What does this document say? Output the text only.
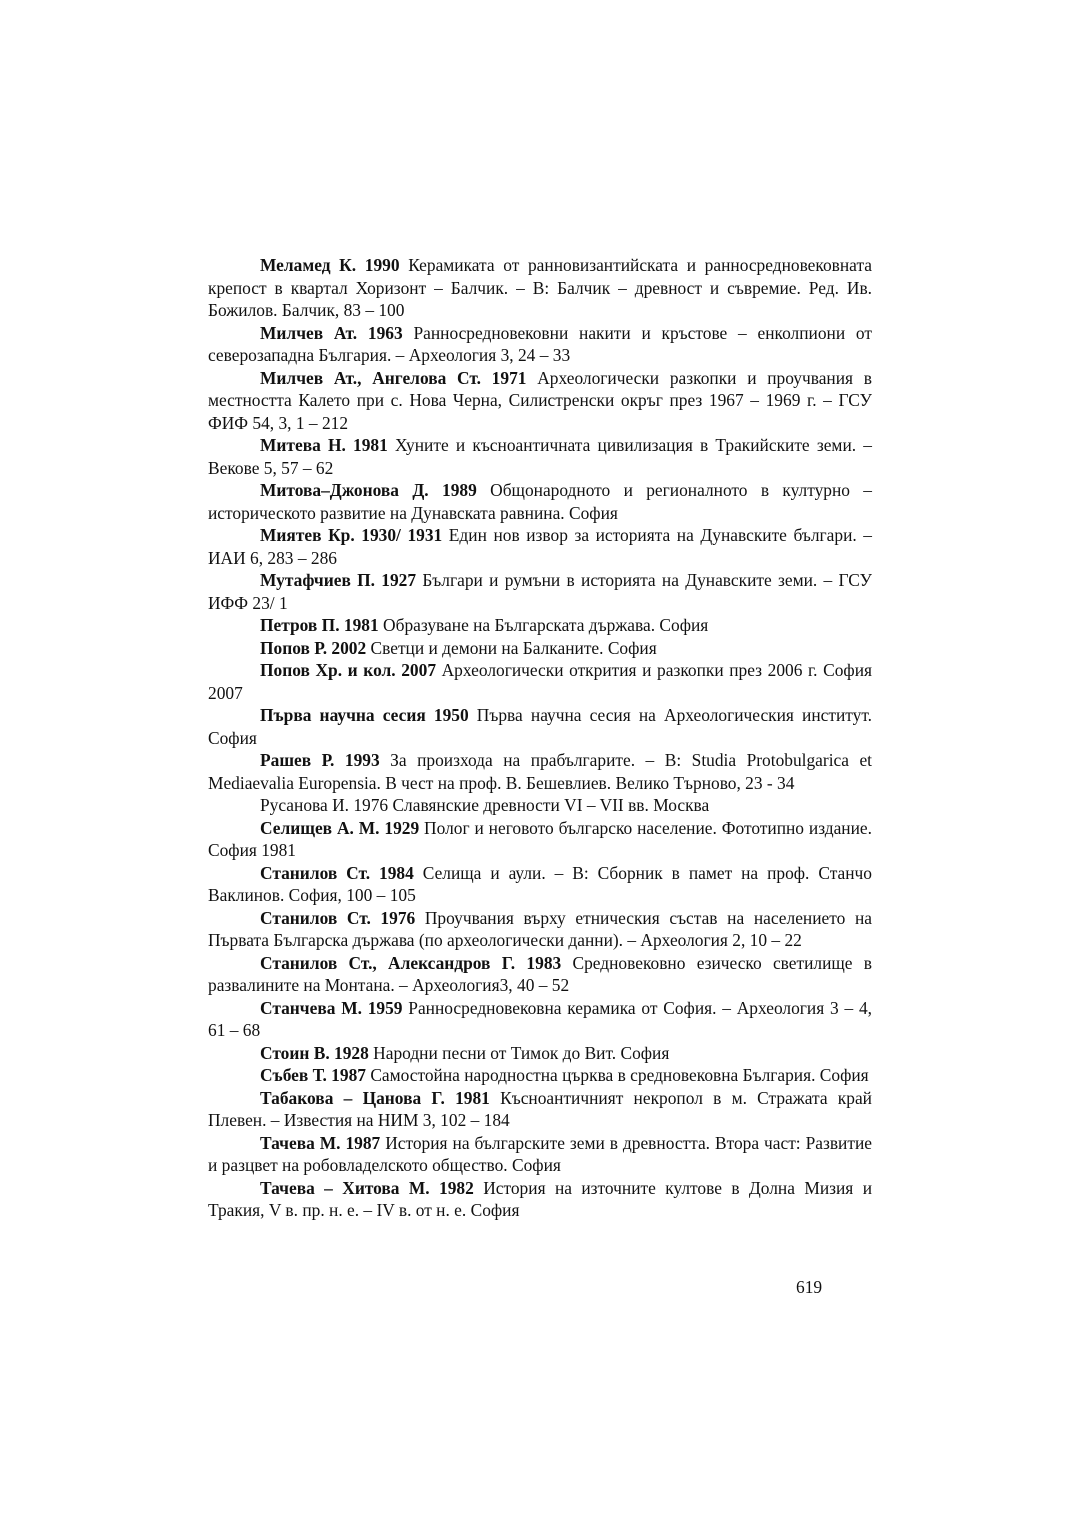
Меламед К. 1990 Керамиката от ранновизантийската и ранносредновековната крепост в квартал Хоризонт – Балчик. – В: Балчик – древност и съвремие. Ред. Ив. Божилов. Балчик, 83 – 100

Милчев Ат. 1963 Ранносредновековни накити и кръстове – енколпиони от северозападна България. – Археология 3, 24 – 33

Милчев Ат., Ангелова Ст. 1971 Археологически разкопки и проучвания в местността Калето при с. Нова Черна, Силистренски окръг през 1967 – 1969 г. – ГСУ ФИФ 54, 3, 1 – 212

Митева Н. 1981 Хуните и късноантичната цивилизация в Тракийските земи. – Векове 5, 57 – 62

Митова–Джонова Д. 1989 Общонародното и регионалното в културно – историческото развитие на Дунавската равнина. София

Миятев Кр. 1930/ 1931 Един нов извор за историята на Дунавските българи. – ИАИ 6, 283 – 286

Мутафчиев П. 1927 Българи и румъни в историята на Дунавските земи. – ГСУ ИФФ 23/ 1

Петров П. 1981 Образуване на Българската държава. София

Попов Р. 2002 Светци и демони на Балканите. София

Попов Хр. и кол. 2007 Археологически открития и разкопки през 2006 г. София 2007

Първа научна сесия 1950 Първа научна сесия на Археологическия институт. София

Рашев Р. 1993 За произхода на прабългарите. – В: Studia Protobulgarica et Mediaevalia Europensia. В чест на проф. В. Бешевлиев. Велико Търново, 23 - 34

Русанова И. 1976 Славянские древности VI – VII вв. Москва

Селищев А. М. 1929 Полог и неговото българско население. Фототипно издание. София 1981

Станилов Ст. 1984 Селища и аули. – В: Сборник в памет на проф. Станчо Ваклинов. София, 100 – 105

Станилов Ст. 1976 Проучвания върху етническия състав на населението на Първата Българска държава (по археологически данни). – Археология 2, 10 – 22

Станилов Ст., Александров Г. 1983 Средновековно езическо светилище в развалините на Монтана. – Археология3, 40 – 52

Станчева М. 1959 Ранносредновековна керамика от София. – Археология 3 – 4, 61 – 68

Стоин В. 1928 Народни песни от Тимок до Вит. София

Събев Т. 1987 Самостойна народностна църква в средновековна България. София

Табакова – Цанова Г. 1981 Късноантичният некропол в м. Стражата край Плевен. – Известия на НИМ 3, 102 – 184

Тачева М. 1987 История на българските земи в древността. Втора част: Развитие и разцвет на робовладелското общество. София

Тачева – Хитова М. 1982 История на източните култове в Долна Мизия и Тракия, V в. пр. н. е. – IV в. от н. е. София

619
